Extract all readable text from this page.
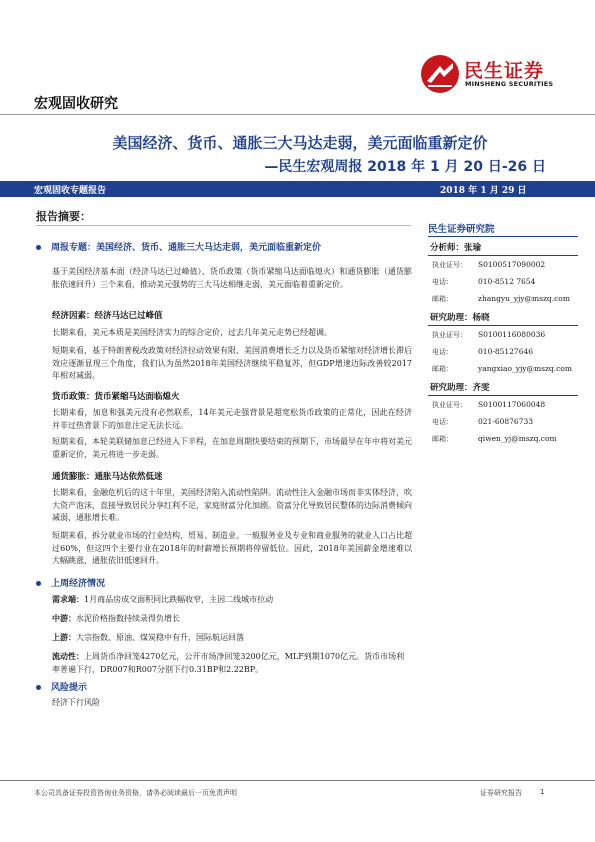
民生证券
MINSHENG SECURITIES
宏观固收研究
美国经济、货币、通胀三大马达走弱，美元面临重新定价
—民生宏观周报 2018 年 1 月 20 日-26 日
宏观固收专题报告	2018 年 1 月 29 日
报告摘要：
周报专题：美国经济、货币、通胀三大马达走弱，美元面临重新定价
基于美国经济基本面（经济马达已过峰值）、货币政策（货币紧缩马达面临熄火）和通货膨胀（通货膨胀依速回升）三个来看，推动美元强势的三大马达相继走弱，美元面临着重新定价。
经济因素：经济马达已过峰值
长期来看，美元本质是美国经济实力的综合定价，过去几年美元走势已经超调。
短期来看，基于特朗普税改政策对经济拉动效果有限、美国消费增长乏力以及货币紧缩对经济增长滞后效应逐渐显现三个角度，我们认为虽然2018年美国经济继续平稳复苏，但GDP增速边际改善较2017年相对减弱。
货币政策：货币紧缩马达面临熄火
长期来看，加息和强美元没有必然联系，14年美元走强背景是超宽松货币政策的正常化，因此在经济并非过热背景下的加息注定无法长远。
短期来看，本轮美联储加息已经进入下半程，在加息周期快要结束的预期下，市场最早在年中将对美元重新定价，美元将进一步走弱。
通货膨胀：通胀马达依然低迷
长期来看，金融危机后的这十年里，美国经济陷入流动性陷阱。流动性注入金融市场而非实体经济，吹大资产泡沫，直接导致居民分享红利不足，家庭财富分化加剧。资富分化导致居民整体的边际消费倾向减弱，通胀增长难。
短期来看，拆分就业市场的行业结构，贸易、制造业、一般服务业及专业和商业服务的就业人口占比超过60%，但这四个主要行业在2018年的时薪增长预期将停留低位。因此，2018年美国薪金增速难以大幅跳涨，通胀依旧低速回升。
上周经济情况
需求端：1月商品房成交面积同比跌幅收窄，主因二线城市拉动
中游：水泥价格指数持续录得负增长
上游：大宗指数、原油、煤炭稳中有升，国际航运回落
流动性：上周货币净回笼4270亿元，公开市场净回笼3200亿元，MLF到期1070亿元。货币市场利率普遍下行，DR007和R007分别下行0.31BP和2.22BP。
风险提示
经济下行风险
民生证券研究院
分析师：张瑜
执业证号： S0100517090002
电话：	010-8512 7654
邮箱：	zhangyu_yjy@mszq.com
研究助理：杨晓
执业证号： S0100116080036
电话：	010-85127646
邮箱：	yangxiao_yjy@mszq.com
研究助理：齐雯
执业证号： S0100117060048
电话：	021-60876733
邮箱：	qiwen_yj@mszq.com
本公司具备证券投资咨询业务资格，请务必阅读最后一页免责声明	证券研究报告	1
